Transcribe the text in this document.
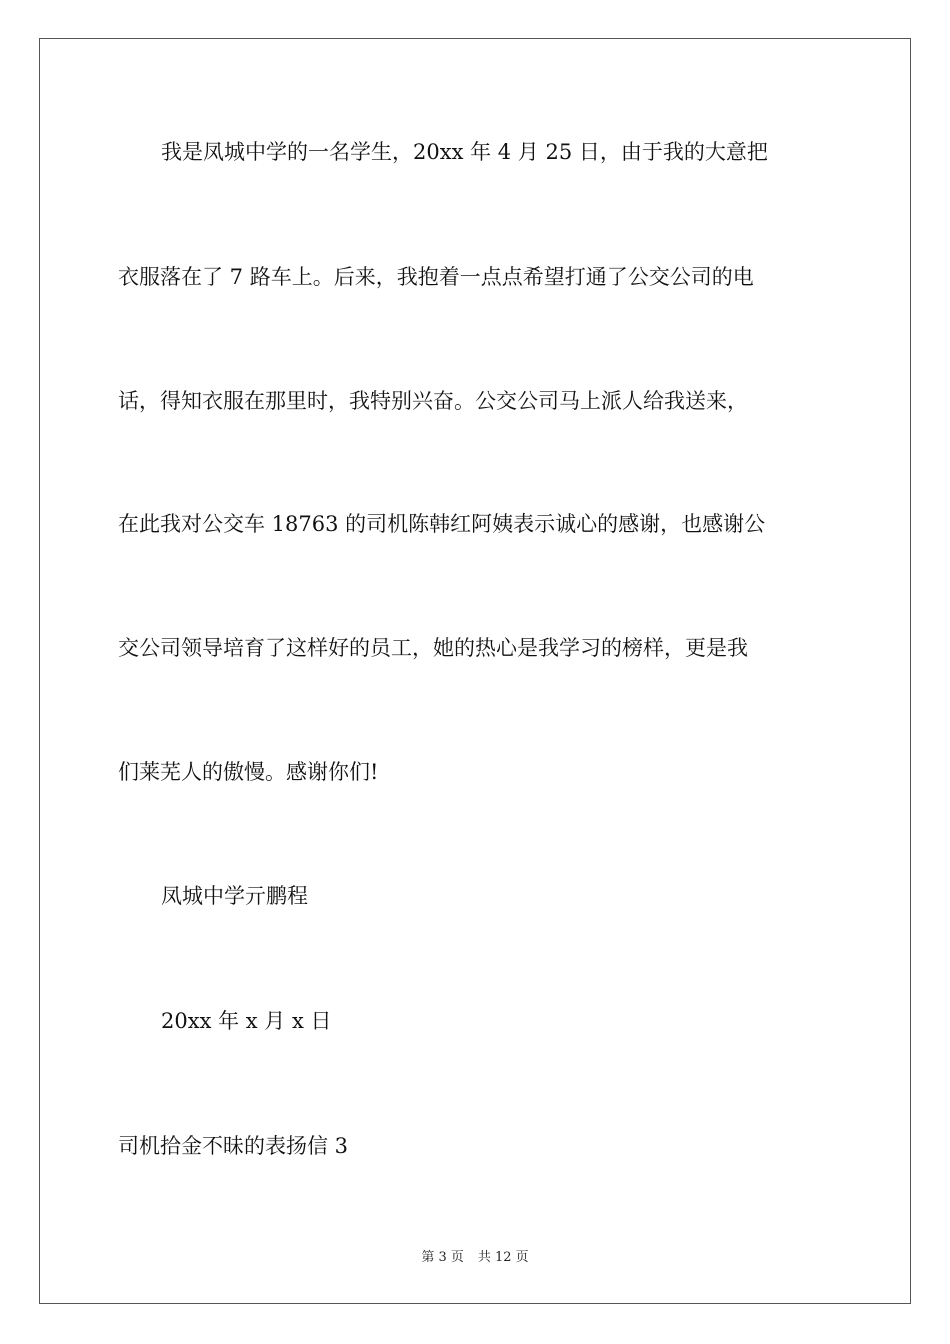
我是凤城中学的一名学生，20xx 年 4 月 25 日，由于我的大意把
衣服落在了 7 路车上。后来，我抱着一点点希望打通了公交公司的电
话，得知衣服在那里时，我特别兴奋。公交公司马上派人给我送来，
在此我对公交车 18763 的司机陈韩红阿姨表示诚心的感谢，也感谢公
交公司领导培育了这样好的员工，她的热心是我学习的榜样，更是我
们莱芜人的傲慢。感谢你们!
凤城中学亓鹏程
20xx 年 x 月 x 日
司机拾金不昧的表扬信 3
第 3 页 共 12 页
